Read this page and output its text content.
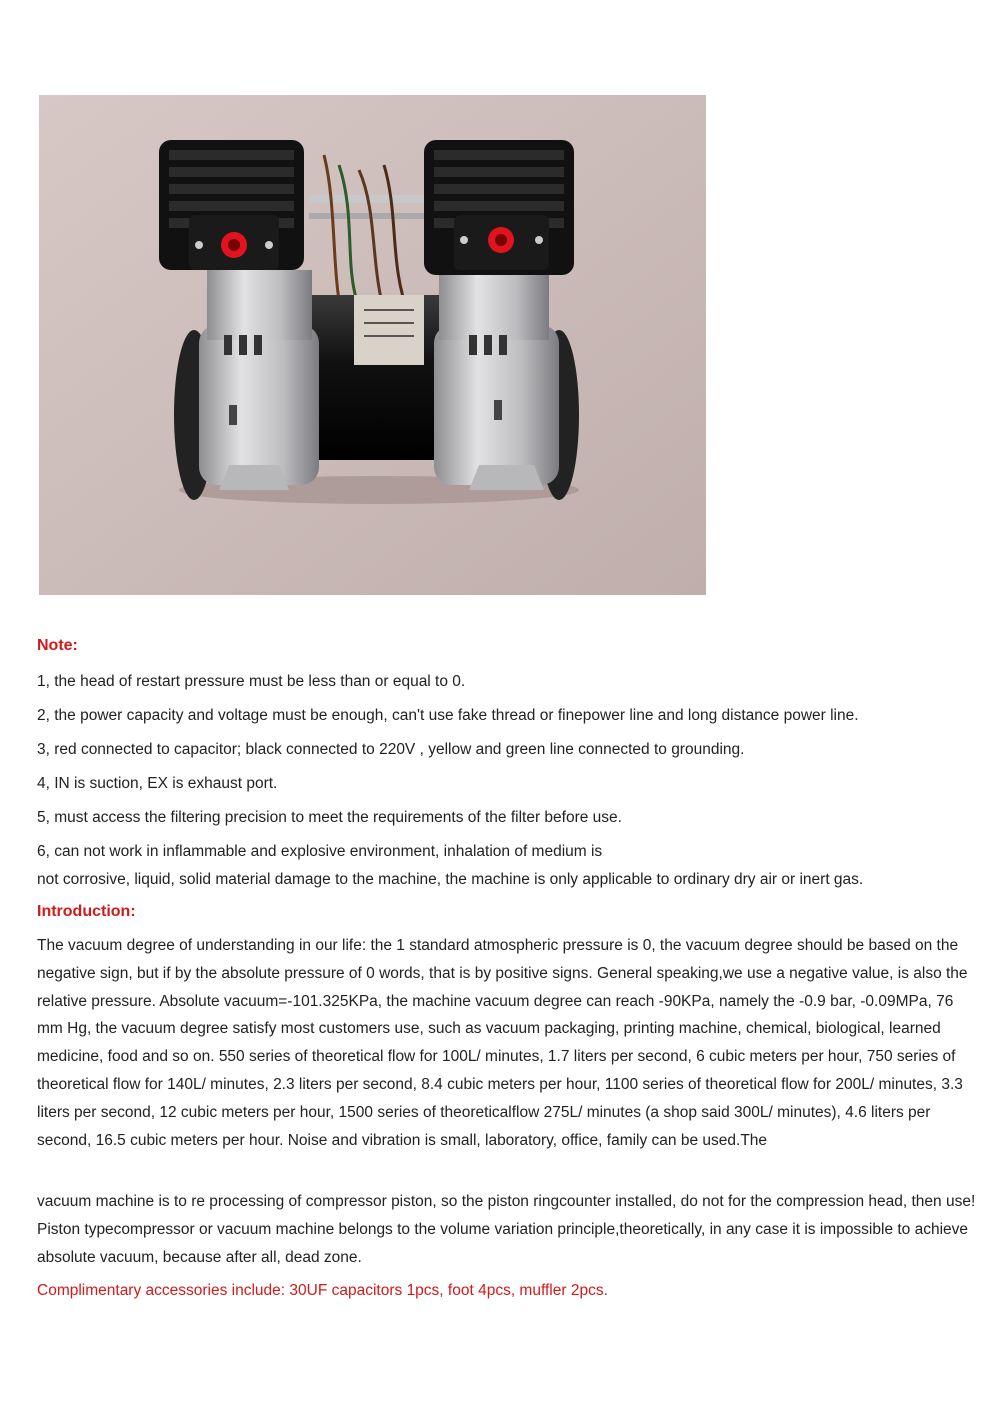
Note:
1, the head of restart pressure must be less than or equal to 0.
2, the power capacity and voltage must be enough, can't use fake thread or finepower line and long distance power line.
3, red connected to capacitor; black connected to 220V , yellow and green line connected to grounding.
4, IN is suction, EX is exhaust port.
5, must access the filtering precision to meet the requirements of the filter before use.
6, can not work in inflammable and explosive environment, inhalation of medium is
not corrosive, liquid, solid material damage to the machine, the machine is only applicable to ordinary dry air or inert gas.
Introduction:
The vacuum degree of understanding in our life: the 1 standard atmospheric pressure is 0, the vacuum degree should be based on the negative sign, but if by the absolute pressure of 0 words, that is by positive signs. General speaking,we use a negative value, is also the relative pressure. Absolute vacuum=-101.325KPa, the machine vacuum degree can reach -90KPa, namely the -0.9 bar, -0.09MPa, 76 mm Hg, the vacuum degree satisfy most customers use, such as vacuum packaging, printing machine, chemical, biological, learned medicine, food and so on. 550 series of theoretical flow for 100L/ minutes, 1.7 liters per second, 6 cubic meters per hour, 750 series of theoretical flow for 140L/ minutes, 2.3 liters per second, 8.4 cubic meters per hour, 1100 series of theoretical flow for 200L/ minutes, 3.3 liters per second, 12 cubic meters per hour, 1500 series of theoreticalflow 275L/ minutes (a shop said 300L/ minutes), 4.6 liters per second, 16.5 cubic meters per hour. Noise and vibration is small, laboratory, office, family can be used.The
vacuum machine is to re processing of compressor piston, so the piston ringcounter installed, do not for the compression head, then use! Piston typecompressor or vacuum machine belongs to the volume variation principle,theoretically, in any case it is impossible to achieve absolute vacuum, because after all, dead zone.
Complimentary accessories include: 30UF capacitors 1pcs, foot 4pcs, muffler 2pcs.
